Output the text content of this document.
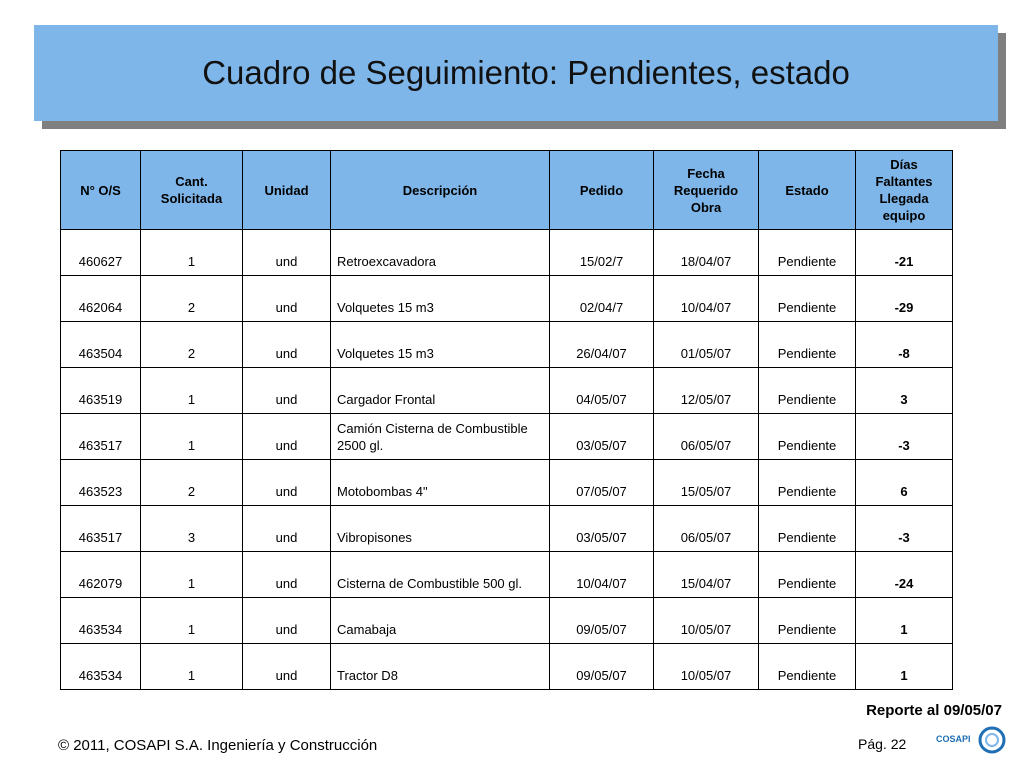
Cuadro de Seguimiento: Pendientes, estado
N° O/S	Cant. Solicitada	Unidad	Descripción	Pedido	Fecha Requerido Obra	Estado	Días Faltantes Llegada equipo
460627	1	und	Retroexcavadora	15/02/7	18/04/07	Pendiente	-21
462064	2	und	Volquetes 15 m3	02/04/7	10/04/07	Pendiente	-29
463504	2	und	Volquetes 15 m3	26/04/07	01/05/07	Pendiente	-8
463519	1	und	Cargador Frontal	04/05/07	12/05/07	Pendiente	3
463517	1	und	Camión Cisterna de Combustible 2500 gl.	03/05/07	06/05/07	Pendiente	-3
463523	2	und	Motobombas 4"	07/05/07	15/05/07	Pendiente	6
463517	3	und	Vibropisones	03/05/07	06/05/07	Pendiente	-3
462079	1	und	Cisterna de Combustible 500 gl.	10/04/07	15/04/07	Pendiente	-24
463534	1	und	Camabaja	09/05/07	10/05/07	Pendiente	1
463534	1	und	Tractor D8	09/05/07	10/05/07	Pendiente	1
Reporte al 09/05/07
© 2011, COSAPI S.A. Ingeniería y Construcción	Pág. 22	COSAPI
